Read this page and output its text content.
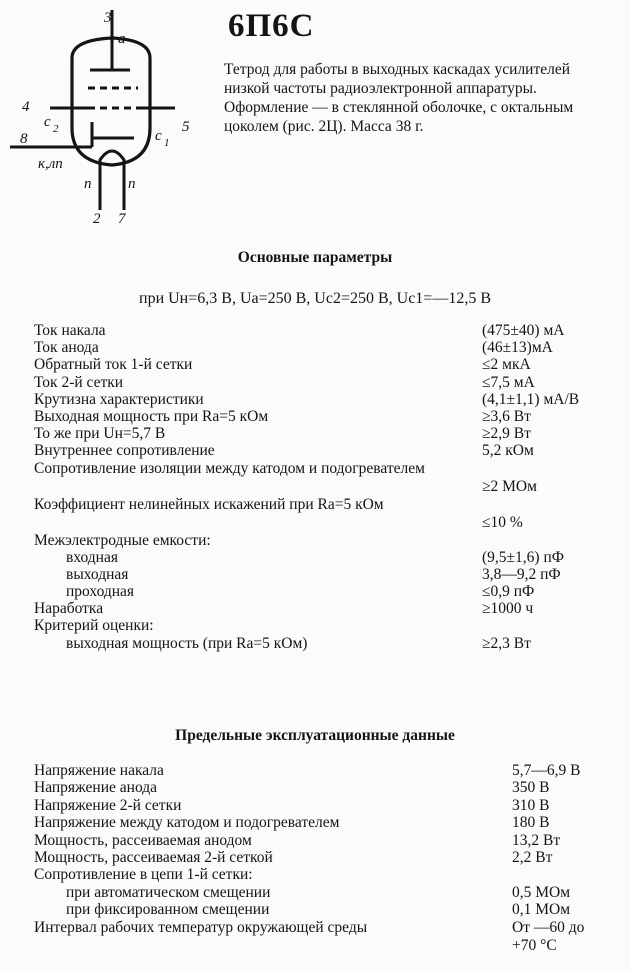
3
а
4
с 2	5
с 1
8
к,лп
п п
2 7
6П6С

Тетрод для работы в выходных каскадах усилителей низкой частоты радиоэлектронной аппаратуры.

Оформление — в стеклянной оболочке, с октальным цоколем (рис. 2Ц). Масса 38 г.

Основные параметры
при Uн=6,3 В, Uа=250 В, Uс2=250 В, Uс1=—12,5 В
Ток накала	(475±40) мА
Ток анода	(46±13)мА
Обратный ток 1-й сетки	≤2 мкА
Ток 2-й сетки	≤7,5 мА
Крутизна характеристики	(4,1±1,1) мА/В
Выходная мощность при Rа=5 кОм	≥3,6 Вт
То же при Uн=5,7 В	≥2,9 Вт
Внутреннее сопротивление	5,2 кОм
Сопротивление изоляции между катодом и подогревателем
≥2 МОм
Коэффициент нелинейных искажений при Rа=5 кОм
≤10 %
Межэлектродные емкости:
входная	(9,5±1,6) пФ
выходная	3,8—9,2 пФ
проходная	≤0,9 пФ
Наработка	≥1000 ч
Критерий оценки:
выходная мощность (при Rа=5 кОм)	≥2,3 Вт
Предельные эксплуатационные данные
Напряжение накала	5,7—6,9 В
Напряжение анода	350 В
Напряжение 2-й сетки	310 В
Напряжение между катодом и подогревателем	180 В
Мощность, рассеиваемая анодом	13,2 Вт
Мощность, рассеиваемая 2-й сеткой	2,2 Вт
Сопротивление в цепи 1-й сетки:
при автоматическом смещении	0,5 МОм
при фиксированном смещении	0,1 МОм
Интервал рабочих температур окружающей среды	От —60 до +70 °С
